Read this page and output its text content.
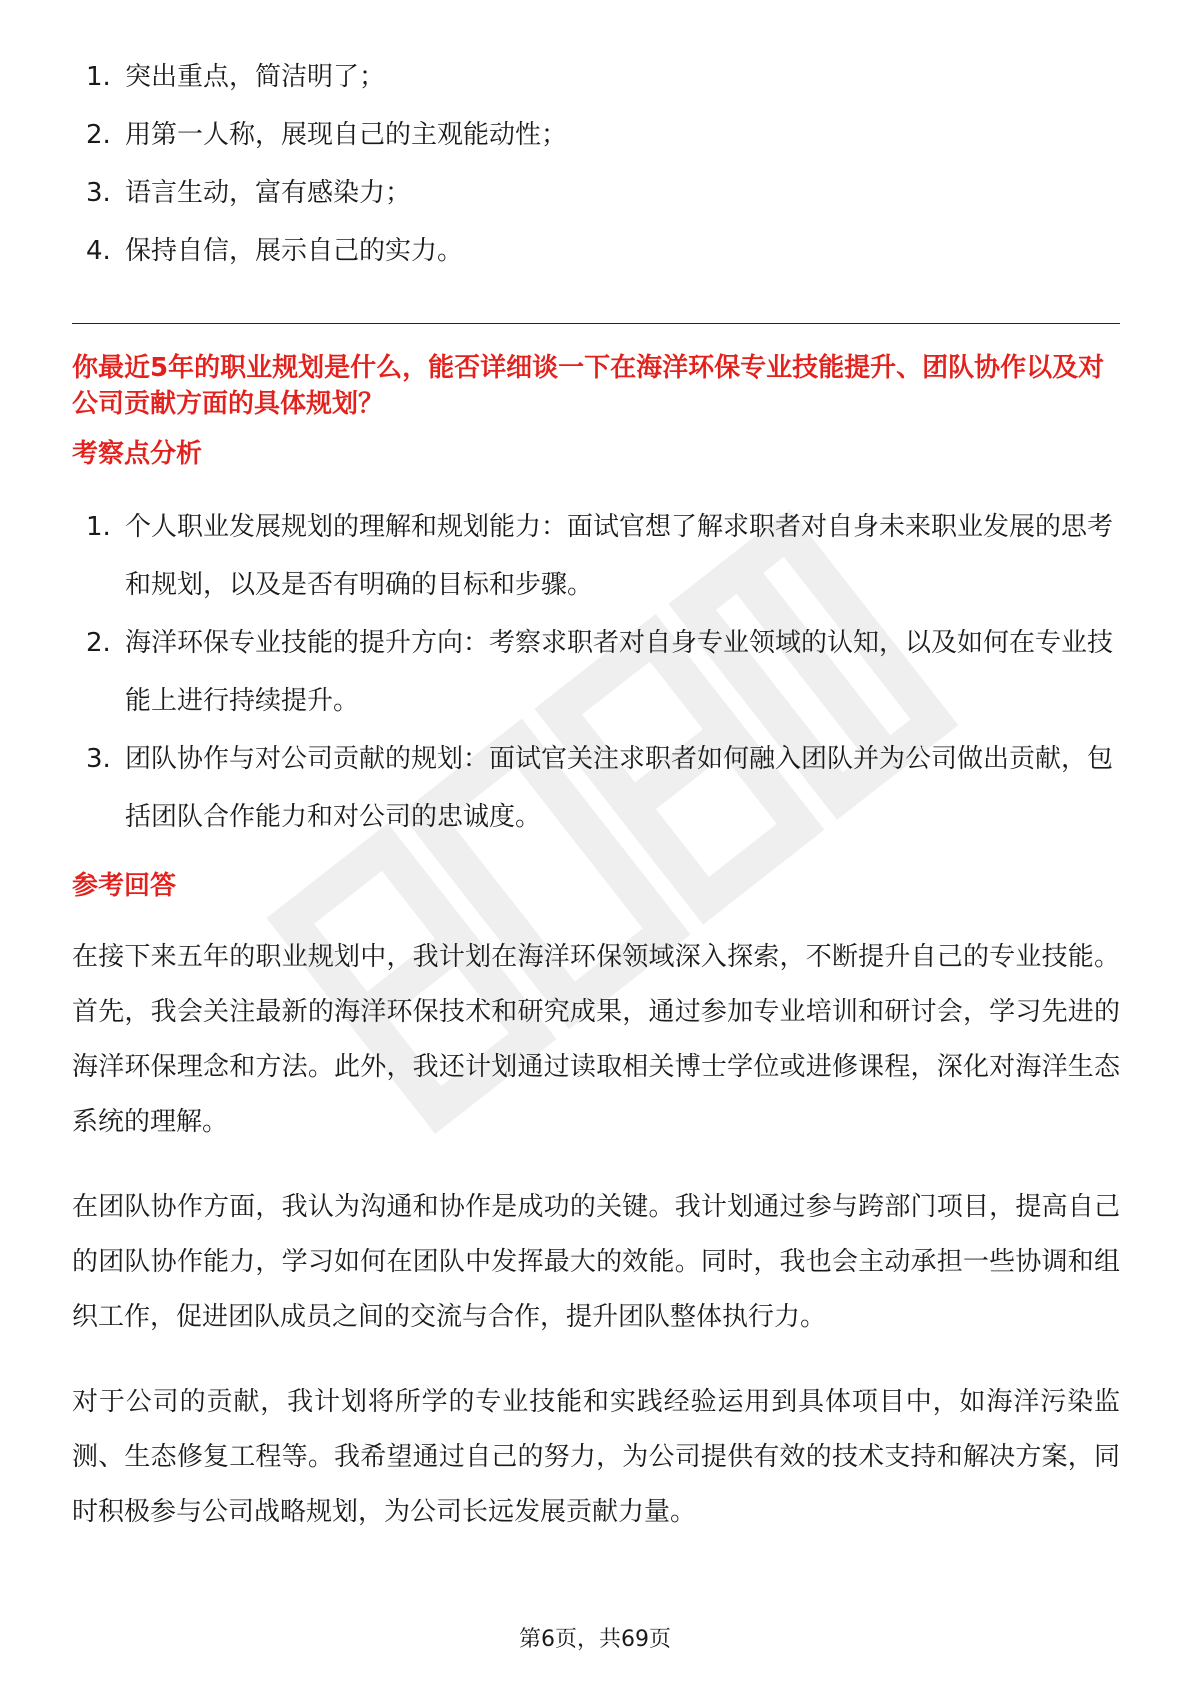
1. 突出重点，简洁明了；
2. 用第一人称，展现自己的主观能动性；
3. 语言生动，富有感染力；
4. 保持自信，展示自己的实力。
你最近5年的职业规划是什么，能否详细谈一下在海洋环保专业技能提升、团队协作以及对公司贡献方面的具体规划？
考察点分析
1. 个人职业发展规划的理解和规划能力：面试官想了解求职者对自身未来职业发展的思考和规划，以及是否有明确的目标和步骤。
2. 海洋环保专业技能的提升方向：考察求职者对自身专业领域的认知，以及如何在专业技能上进行持续提升。
3. 团队协作与对公司贡献的规划：面试官关注求职者如何融入团队并为公司做出贡献，包括团队合作能力和对公司的忠诚度。
参考回答

在接下来五年的职业规划中，我计划在海洋环保领域深入探索，不断提升自己的专业技能。首先，我会关注最新的海洋环保技术和研究成果，通过参加专业培训和研讨会，学习先进的海洋环保理念和方法。此外，我还计划通过读取相关博士学位或进修课程，深化对海洋生态系统的理解。

在团队协作方面，我认为沟通和协作是成功的关键。我计划通过参与跨部门项目，提高自己的团队协作能力，学习如何在团队中发挥最大的效能。同时，我也会主动承担一些协调和组织工作，促进团队成员之间的交流与合作，提升团队整体执行力。

对于公司的贡献，我计划将所学的专业技能和实践经验运用到具体项目中，如海洋污染监测、生态修复工程等。我希望通过自己的努力，为公司提供有效的技术支持和解决方案，同时积极参与公司战略规划，为公司长远发展贡献力量。

第6页，共69页
